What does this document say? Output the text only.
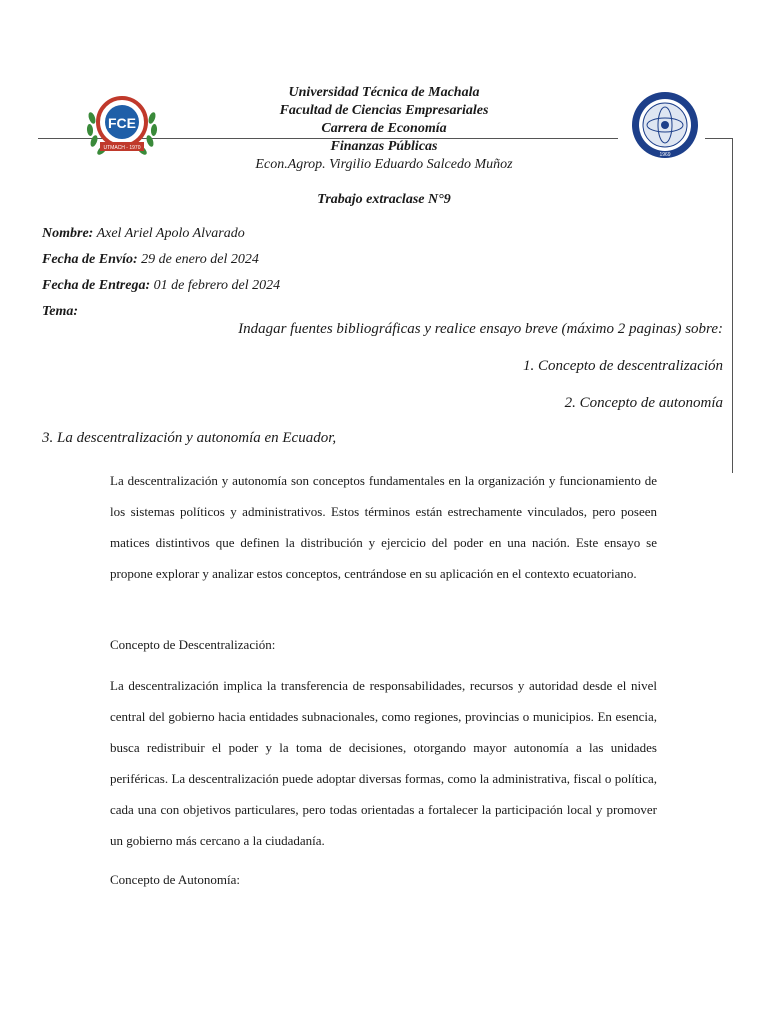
FCE
UTMACH - 1970
1969
Universidad Técnica de Machala
Facultad de Ciencias Empresariales
Carrera de Economía
Finanzas Públicas
Econ.Agrop. Virgilio Eduardo Salcedo Muñoz
Trabajo extraclase N°9
Nombre: Axel Ariel Apolo Alvarado
Fecha de Envío: 29 de enero del 2024
Fecha de Entrega: 01 de febrero del 2024
Tema:
Indagar fuentes bibliográficas y realice ensayo breve (máximo 2 paginas) sobre:
1. Concepto de descentralización
2. Concepto de autonomía
3. La descentralización y autonomía en Ecuador,
La descentralización y autonomía son conceptos fundamentales en la organización y funcionamiento de los sistemas políticos y administrativos. Estos términos están estrechamente vinculados, pero poseen matices distintivos que definen la distribución y ejercicio del poder en una nación. Este ensayo se propone explorar y analizar estos conceptos, centrándose en su aplicación en el contexto ecuatoriano.
Concepto de Descentralización:
La descentralización implica la transferencia de responsabilidades, recursos y autoridad desde el nivel central del gobierno hacia entidades subnacionales, como regiones, provincias o municipios. En esencia, busca redistribuir el poder y la toma de decisiones, otorgando mayor autonomía a las unidades periféricas. La descentralización puede adoptar diversas formas, como la administrativa, fiscal o política, cada una con objetivos particulares, pero todas orientadas a fortalecer la participación local y promover un gobierno más cercano a la ciudadanía.
Concepto de Autonomía:
